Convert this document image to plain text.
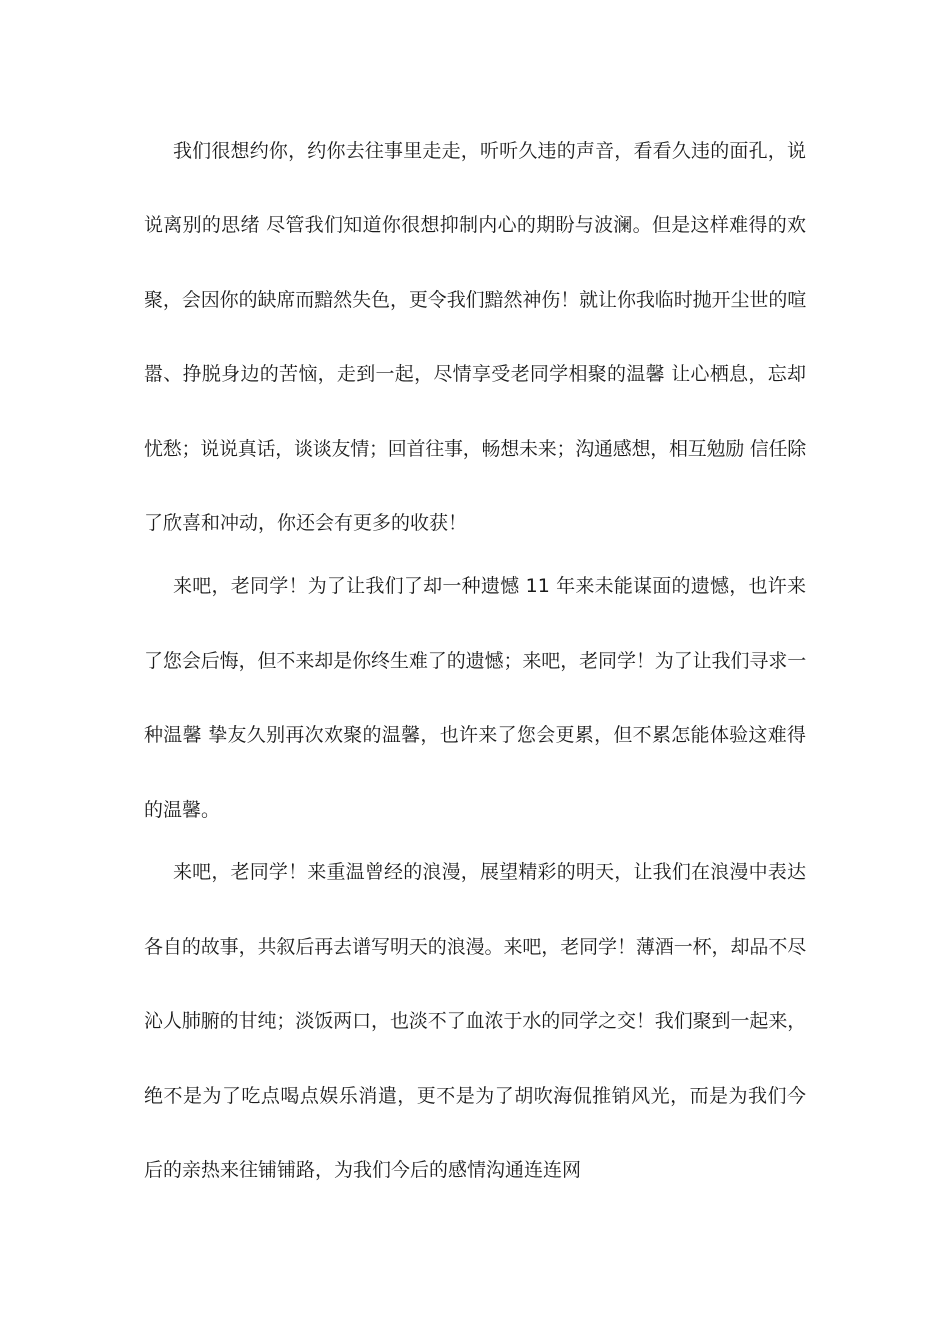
我们很想约你，约你去往事里走走，听听久违的声音，看看久违的面孔，说
说离别的思绪 尽管我们知道你很想抑制内心的期盼与波澜。但是这样难得的欢
聚，会因你的缺席而黯然失色，更令我们黯然神伤！就让你我临时抛开尘世的喧
嚣、挣脱身边的苦恼，走到一起，尽情享受老同学相聚的温馨 让心栖息，忘却
忧愁；说说真话，谈谈友情；回首往事，畅想未来；沟通感想，相互勉励 信任除
了欣喜和冲动，你还会有更多的收获！
来吧，老同学！为了让我们了却一种遗憾 11 年来未能谋面的遗憾，也许来
了您会后悔，但不来却是你终生难了的遗憾；来吧，老同学！为了让我们寻求一
种温馨 挚友久别再次欢聚的温馨，也许来了您会更累，但不累怎能体验这难得
的温馨。
来吧，老同学！来重温曾经的浪漫，展望精彩的明天，让我们在浪漫中表达
各自的故事，共叙后再去谱写明天的浪漫。来吧，老同学！薄酒一杯，却品不尽
沁人肺腑的甘纯；淡饭两口，也淡不了血浓于水的同学之交！我们聚到一起来，
绝不是为了吃点喝点娱乐消遣，更不是为了胡吹海侃推销风光，而是为我们今
后的亲热来往铺铺路，为我们今后的感情沟通连连网
